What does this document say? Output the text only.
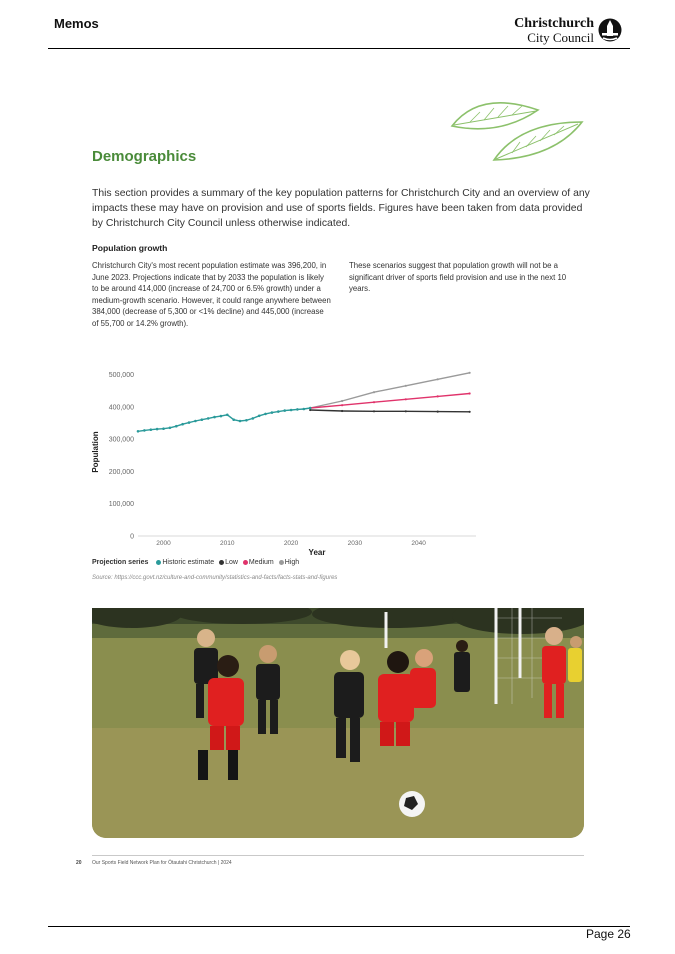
Memos	Christchurch
City Council
Demographics
This section provides a summary of the key population patterns for Christchurch City and an overview of any impacts these may have on provision and use of sports fields. Figures have been taken from data provided by Christchurch City Council unless otherwise indicated.
Population growth
Christchurch City's most recent population estimate was 396,200, in June 2023. Projections indicate that by 2033 the population is likely to be around 414,000 (increase of 24,700 or 6.5% growth) under a medium-growth scenario. However, it could range anywhere between 384,000 (decrease of 5,300 or <1% decline) and 445,000 (increase of 55,700 or 14.2% growth).
These scenarios suggest that population growth will not be a significant driver of sports field provision and use in the next 10 years.
0
100,000
200,000
300,000
400,000
500,000
2000	2010	2020	2030	2040
Year
Population
Projection series Historic estimate Low Medium High
Source: https://ccc.govt.nz/culture-and-community/statistics-and-facts/facts-stats-and-figures
20 Our Sports Field Network Plan for Ōtautahi Christchurch | 2024
Page 26
